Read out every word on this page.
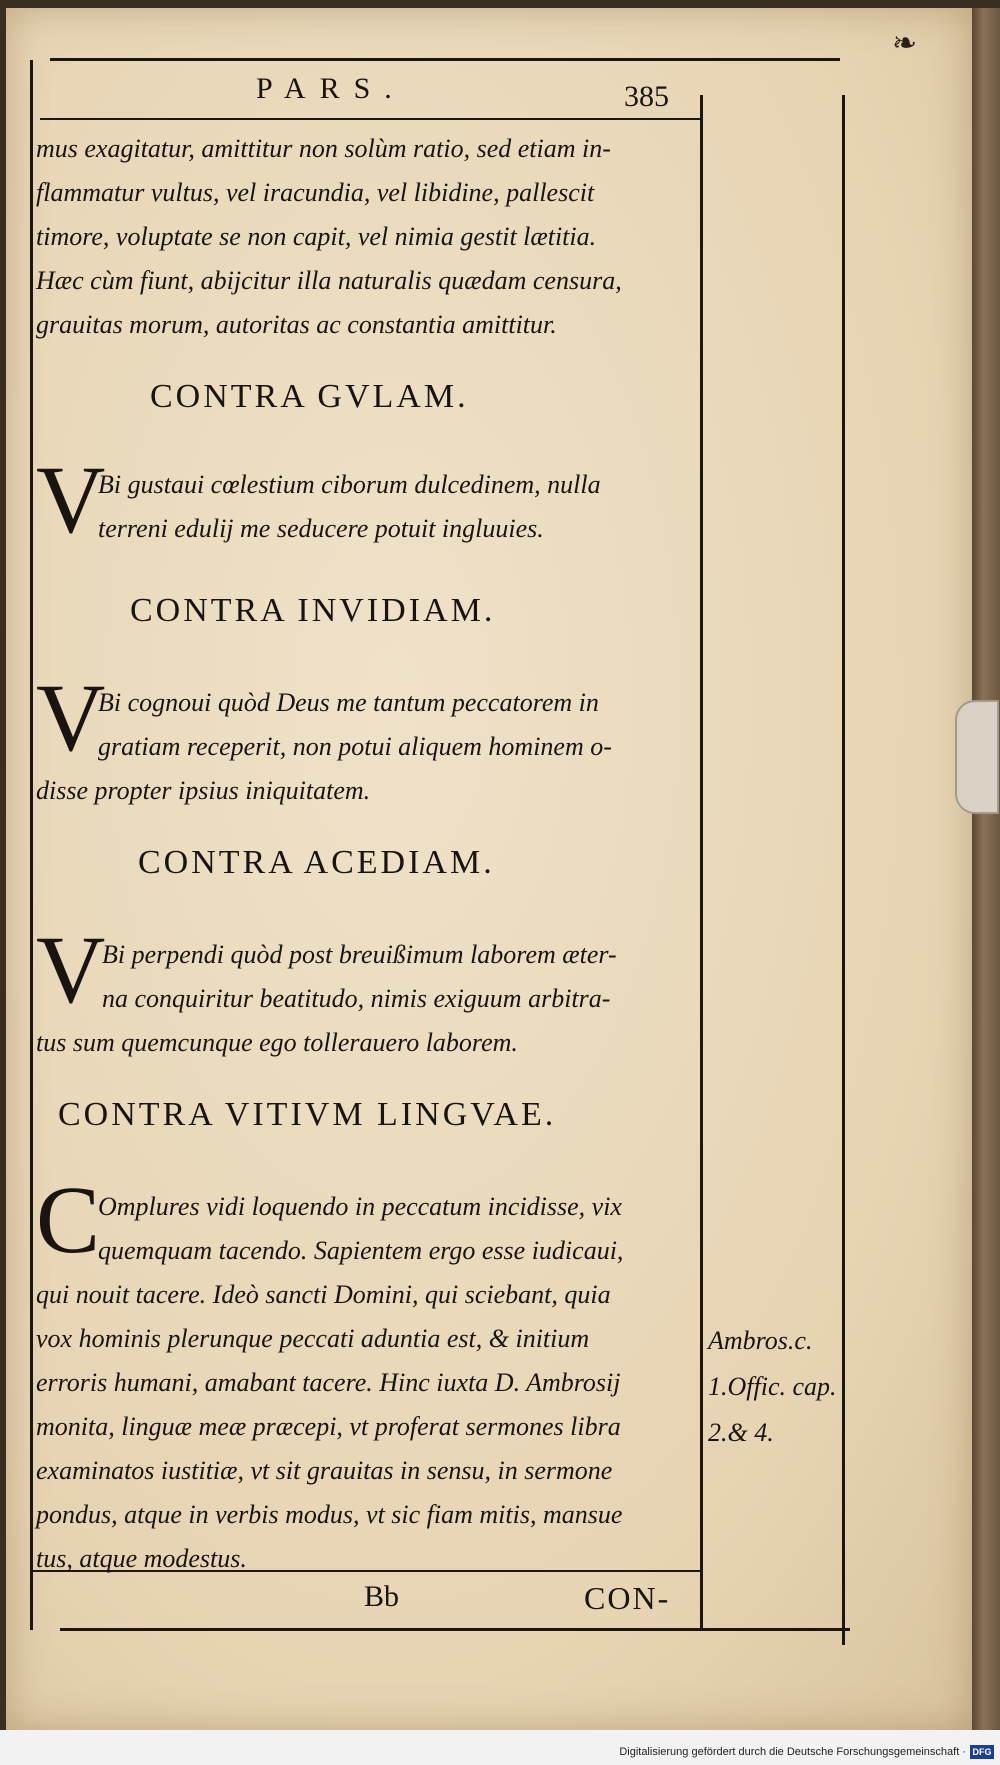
❧
PARS.	385
mus exagitatur, amittitur non solùm ratio, sed etiam in-
flammatur vultus, vel iracundia, vel libidine, pallescit
timore, voluptate se non capit, vel nimia gestit lætitia.
Hæc cùm fiunt, abijcitur illa naturalis quædam censura,
grauitas morum, autoritas ac constantia amittitur.
CONTRA GVLAM.
V
Bi gustaui cœlestium ciborum dulcedinem, nulla
terreni edulij me seducere potuit ingluuies.
CONTRA INVIDIAM.
V
Bi cognoui quòd Deus me tantum peccatorem in
gratiam receperit, non potui aliquem hominem o-
disse propter ipsius iniquitatem.
CONTRA ACEDIAM.
V
Bi perpendi quòd post breuißimum laborem æter-
na conquiritur beatitudo, nimis exiguum arbitra-
tus sum quemcunque ego tollerauero laborem.
CONTRA VITIVM LINGVAE.
C
Omplures vidi loquendo in peccatum incidisse, vix
quemquam tacendo. Sapientem ergo esse iudicaui,
qui nouit tacere. Ideò sancti Domini, qui sciebant, quia
vox hominis plerunque peccati aduntia est, & initium
erroris humani, amabant tacere. Hinc iuxta D. Ambrosij
monita, linguæ meæ præcepi, vt proferat sermones libra
examinatos iustitiæ, vt sit grauitas in sensu, in sermone
pondus, atque in verbis modus, vt sic fiam mitis, mansue
tus, atque modestus.
Ambros.c.
1.Offic. cap.
2.& 4.
Bb	CON-
Digitalisierung gefördert durch die Deutsche Forschungsgemeinschaft · DFG
